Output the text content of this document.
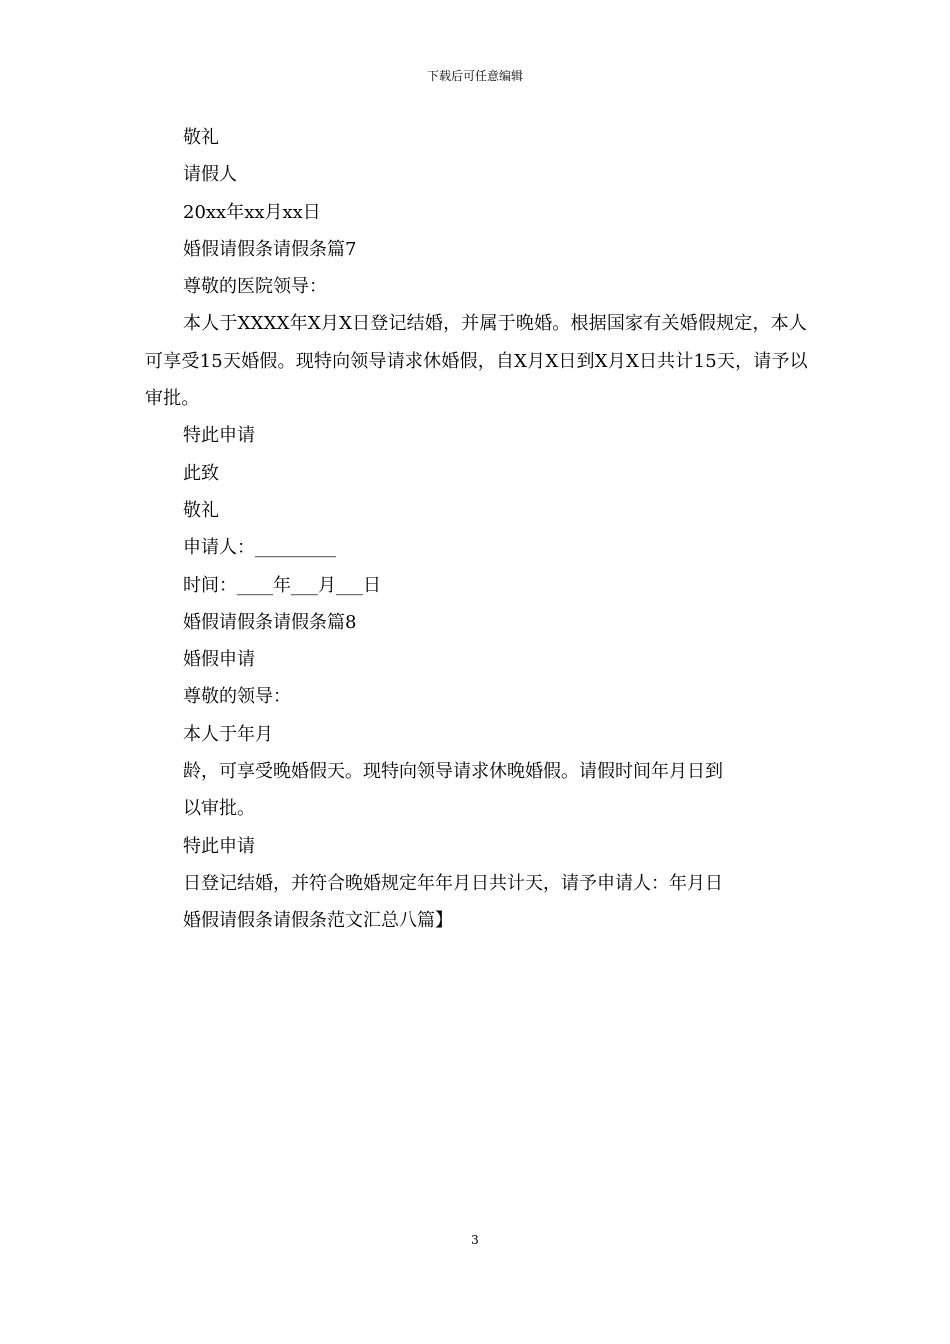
下载后可任意编辑
敬礼
请假人
20xx年xx月xx日
婚假请假条请假条篇7
尊敬的医院领导：
本人于XXXX年X月X日登记结婚，并属于晚婚。根据国家有关婚假规定，本人可享受15天婚假。现特向领导请求休婚假，自X月X日到X月X日共计15天，请予以审批。
特此申请
此致
敬礼
申请人：_________
时间：____年___月___日
婚假请假条请假条篇8
婚假申请
尊敬的领导：
本人于年月
龄，可享受晚婚假天。现特向领导请求休晚婚假。请假时间年月日到
以审批。
特此申请
日登记结婚，并符合晚婚规定年年月日共计天，请予申请人：年月日
婚假请假条请假条范文汇总八篇】
3
